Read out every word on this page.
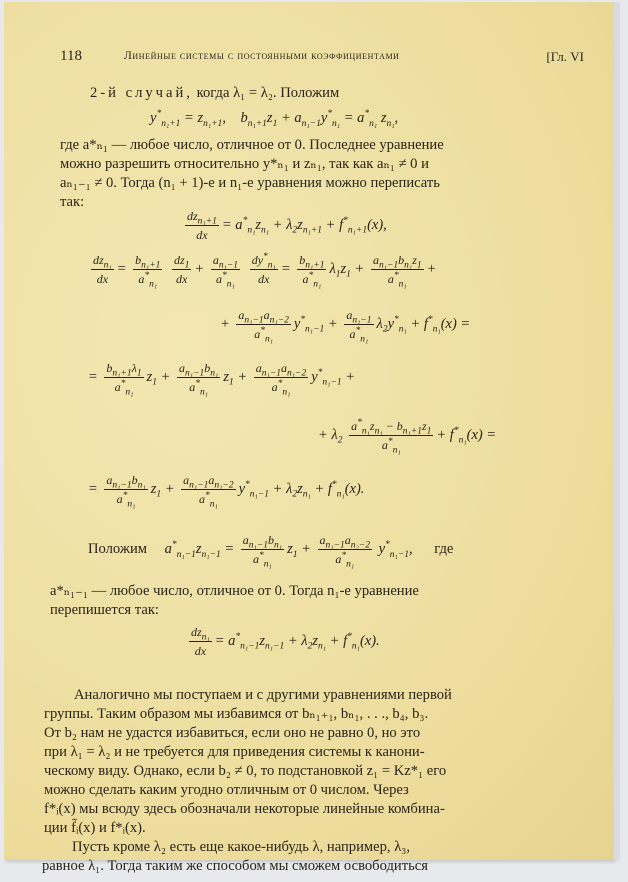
118	Линейные системы с постоянными коэффициентами	[Гл. VI
2-й случай, когда λ₁ = λ₂. Положим
$y^*_{n_1+1} = z_{n_1+1}$,    $b_{n_1+1}z_1 + a_{n_1-1}y^*_{n_1} = a^*_{n_1}$ $z_{n_1}$,
где a*ₙ₁ — любое число, отличное от 0. Последнее уравнение
можно разрешить относительно y*ₙ₁ и zₙ₁, так как aₙ₁ ≠ 0 и
aₙ₁₋₁ ≠ 0. Тогда (n₁ + 1)-е и n₁-е уравнения можно переписать
так:
$\frac{dz_{n_1+1}}{dx} = a^*_{n_1}z_{n_1} + \lambda_2z_{n_1+1} + f^*_{n_1+1}(x)$,
$\frac{dz_{n_1}}{dx} = \frac{b_{n_1+1}}{a^*_{n_1}}$
$\frac{dz_1}{dx} + \frac{a_{n_1-1}}{a^*_{n_1}}$
$\frac{dy^*_{n_1}}{dx} = \frac{b_{n_1+1}}{a^*_{n_1}} \lambda_1z_1 + \frac{a_{n_1-1}b_{n_1}z_1}{a^*_{n_1}}$ +
+ $\frac{a_{n_1-1}a_{n_1-2}}{a^*_{n_1}} y^*_{n_1-1} + \frac{a_{n_1-1}}{a^*_{n_1}} \lambda_2y^*_{n_1} + f^*_{n_1}(x)$ =
= $\frac{b_{n_1+1}\lambda_1}{a^*_{n_1}} z_1 + \frac{a_{n_1-1}b_{n_1}}{a^*_{n_1}} z_1 + \frac{a_{n_1-1}a_{n_1-2}}{a^*_{n_1}} y^*_{n_1-1}$ +
+ $\lambda_2 \frac{a^*_{n_1}z_{n_1} - b_{n_1+1}z_1}{a^*_{n_1}} + f^*_{n_1}(x)$ =
= $\frac{a_{n_1-1}b_{n_1}}{a^*_{n_1}} z_1 + \frac{a_{n_1-1}a_{n_1-2}}{a^*_{n_1}} y^*_{n_1-1} + \lambda_2z_{n_1} + f^*_{n_1}(x)$.
Положим $a^*_{n_1-1}z_{n_1-1} = \frac{a_{n_1-1}b_{n_1}}{a^*_{n_1}} z_1 + \frac{a_{n_1-1}a_{n_2-2}}{a^*_{n_1}} y^*_{n_1-1}$, где
a*ₙ₁₋₁ — любое число, отличное от 0. Тогда n₁-е уравнение
перепишется так:
$\frac{dz_{n_1}}{dx} = a^*_{n_1-1}z_{n_1-1} + \lambda_2z_{n_1} + f^*_{n_1}(x)$.
Аналогично мы поступаем и с другими уравнениями первой
группы. Таким образом мы избавимся от bₙ₁₊₁, bₙ₁, . . ., b₄, b₃.
От b₂ нам не удастся избавиться, если оно не равно 0, но это
при λ₁ = λ₂ и не требуется для приведения системы к канони-
ческому виду. Однако, если b₂ ≠ 0, то подстановкой z₁ = Kz*₁ его
можно сделать каким угодно отличным от 0 числом. Через
f*ᵢ(x) мы всюду здесь обозначали некоторые линейные комбина-
ции f̃ᵢ(x) и f*ᵢ(x).
Пусть кроме λ₂ есть еще какое-нибудь λ, например, λ₃,
равное λ₁. Тогда таким же способом мы сможем освободиться
